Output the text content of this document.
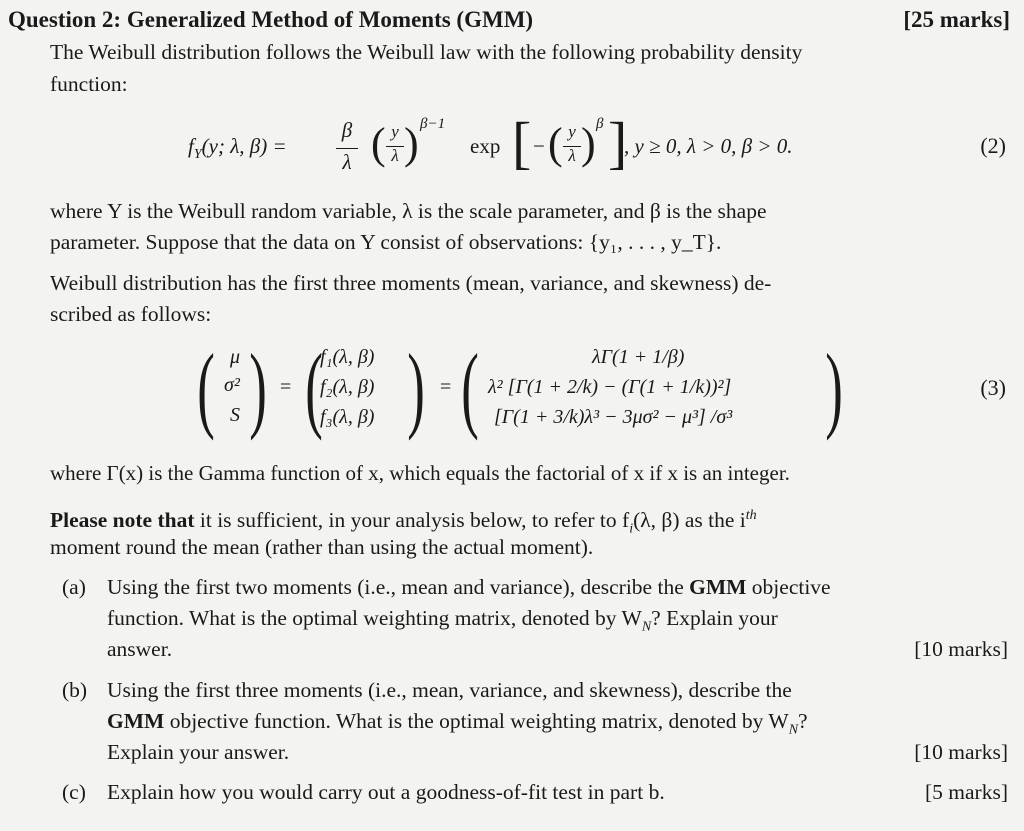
Question 2: Generalized Method of Moments (GMM)	[25 marks]
The Weibull distribution follows the Weibull law with the following probability density
function:
$f_Y(y$; λ, β) =
β
λ ( y
λ ) β−1
exp [ − ( y
λ ) β ]
, y ≥ 0, λ > 0, β > 0.	(2)
where Y is the Weibull random variable, λ is the scale parameter, and β is the shape
parameter. Suppose that the data on Y consist of observations: {y₁, . . . , y_T}.
Weibull distribution has the first three moments (mean, variance, and skewness) de-
scribed as follows:
( μ
σ²
S ) = (
f₁(λ, β)
f₂(λ, β)
f₃(λ, β) ) = (	λΓ(1 + 1/β)
λ² [Γ(1 + 2/k) − (Γ(1 + 1/k))²]
[Γ(1 + 3/k)λ³ − 3μσ² − μ³] /σ³ )	(3)
where Γ(x) is the Gamma function of x, which equals the factorial of x if x is an integer.
Please note that it is sufficient, in your analysis below, to refer to $f_i(\lambda$, β) as the $i^{th}$
moment round the mean (rather than using the actual moment).
(a) Using the first two moments (i.e., mean and variance), describe the GMM objective
function. What is the optimal weighting matrix, denoted by $W_N$? Explain your
answer.	[10 marks]
(b) Using the first three moments (i.e., mean, variance, and skewness), describe the
GMM objective function. What is the optimal weighting matrix, denoted by $W_N$?
Explain your answer.	[10 marks]
(c) Explain how you would carry out a goodness-of-fit test in part b.	[5 marks]
